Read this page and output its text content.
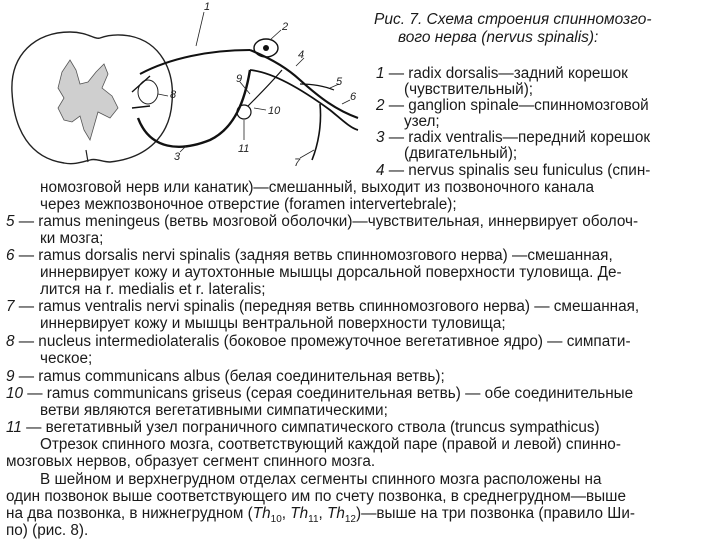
1
2
3
4
5
6
7
8
9
10
11
Рис. 7. Схема строения спинномозго-
вого нерва (nervus spinalis):
1 — radix dorsalis—задний корешок
(чувствительный);
2 — ganglion spinale—спинномозговой
узел;
3 — radix ventralis—передний корешок
(двигательный);
4 — nervus spinalis seu funiculus (спин-
номозговой нерв или канатик)—смешанный, выходит из позвоночного канала
через межпозвоночное отверстие (foramen intervertebrale);
5 — ramus meningeus (ветвь мозговой оболочки)—чувствительная, иннервирует оболоч-
ки мозга;
6 — ramus dorsalis nervi spinalis (задняя ветвь спинномозгового нерва) —смешанная,
иннервирует кожу и аутохтонные мышцы дорсальной поверхности туловища. Де-
лится на r. medialis et r. lateralis;
7 — ramus ventralis nervi spinalis (передняя ветвь спинномозгового нерва) — смешанная,
иннервирует кожу и мышцы вентральной поверхности туловища;
8 — nucleus intermediolateralis (боковое промежуточное вегетативное ядро) — симпати-
ческое;
9 — ramus communicans albus (белая соединительная ветвь);
10 — ramus communicans griseus (серая соединительная ветвь) — обе соединительные
ветви являются вегетативными симпатическими;
11 — вегетативный узел пограничного симпатического ствола (truncus sympathicus)
Отрезок спинного мозга, соответствующий каждой паре (правой и левой) спинно-
мозговых нервов, образует сегмент спинного мозга.
В шейном и верхнегрудном отделах сегменты спинного мозга расположены на
один позвонок выше соответствующего им по счету позвонка, в среднегрудном—выше
на два позвонка, в нижнегрудном ($Th_{10}$, $Th_{11}$, $Th_{12})—выше$ на три позвонка (правило Ши-
по) (рис. 8).
